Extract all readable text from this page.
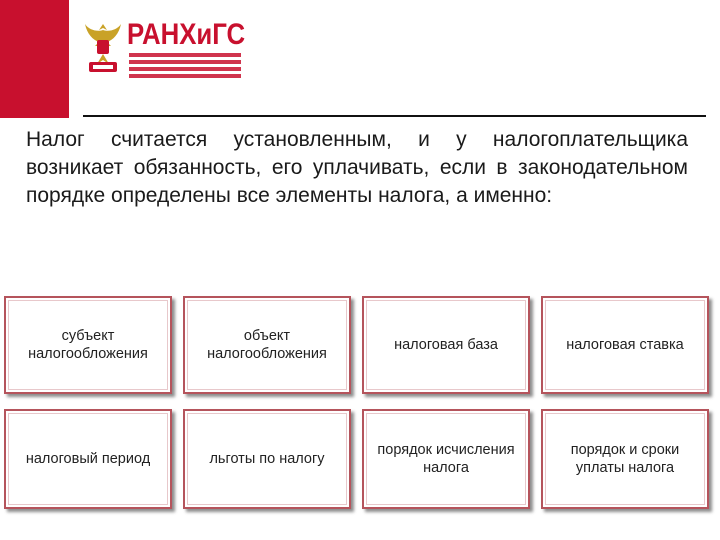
РАНХиГС
Налог считается установленным, и у налогоплательщика возникает обязанность, его уплачивать, если в законодательном порядке определены все элементы налога, а именно:
субъект налогообложения
объект налогообложения
налоговая база	налоговая ставка
налоговый период	льготы по налогу
порядок исчисления налога
порядок и сроки уплаты налога
